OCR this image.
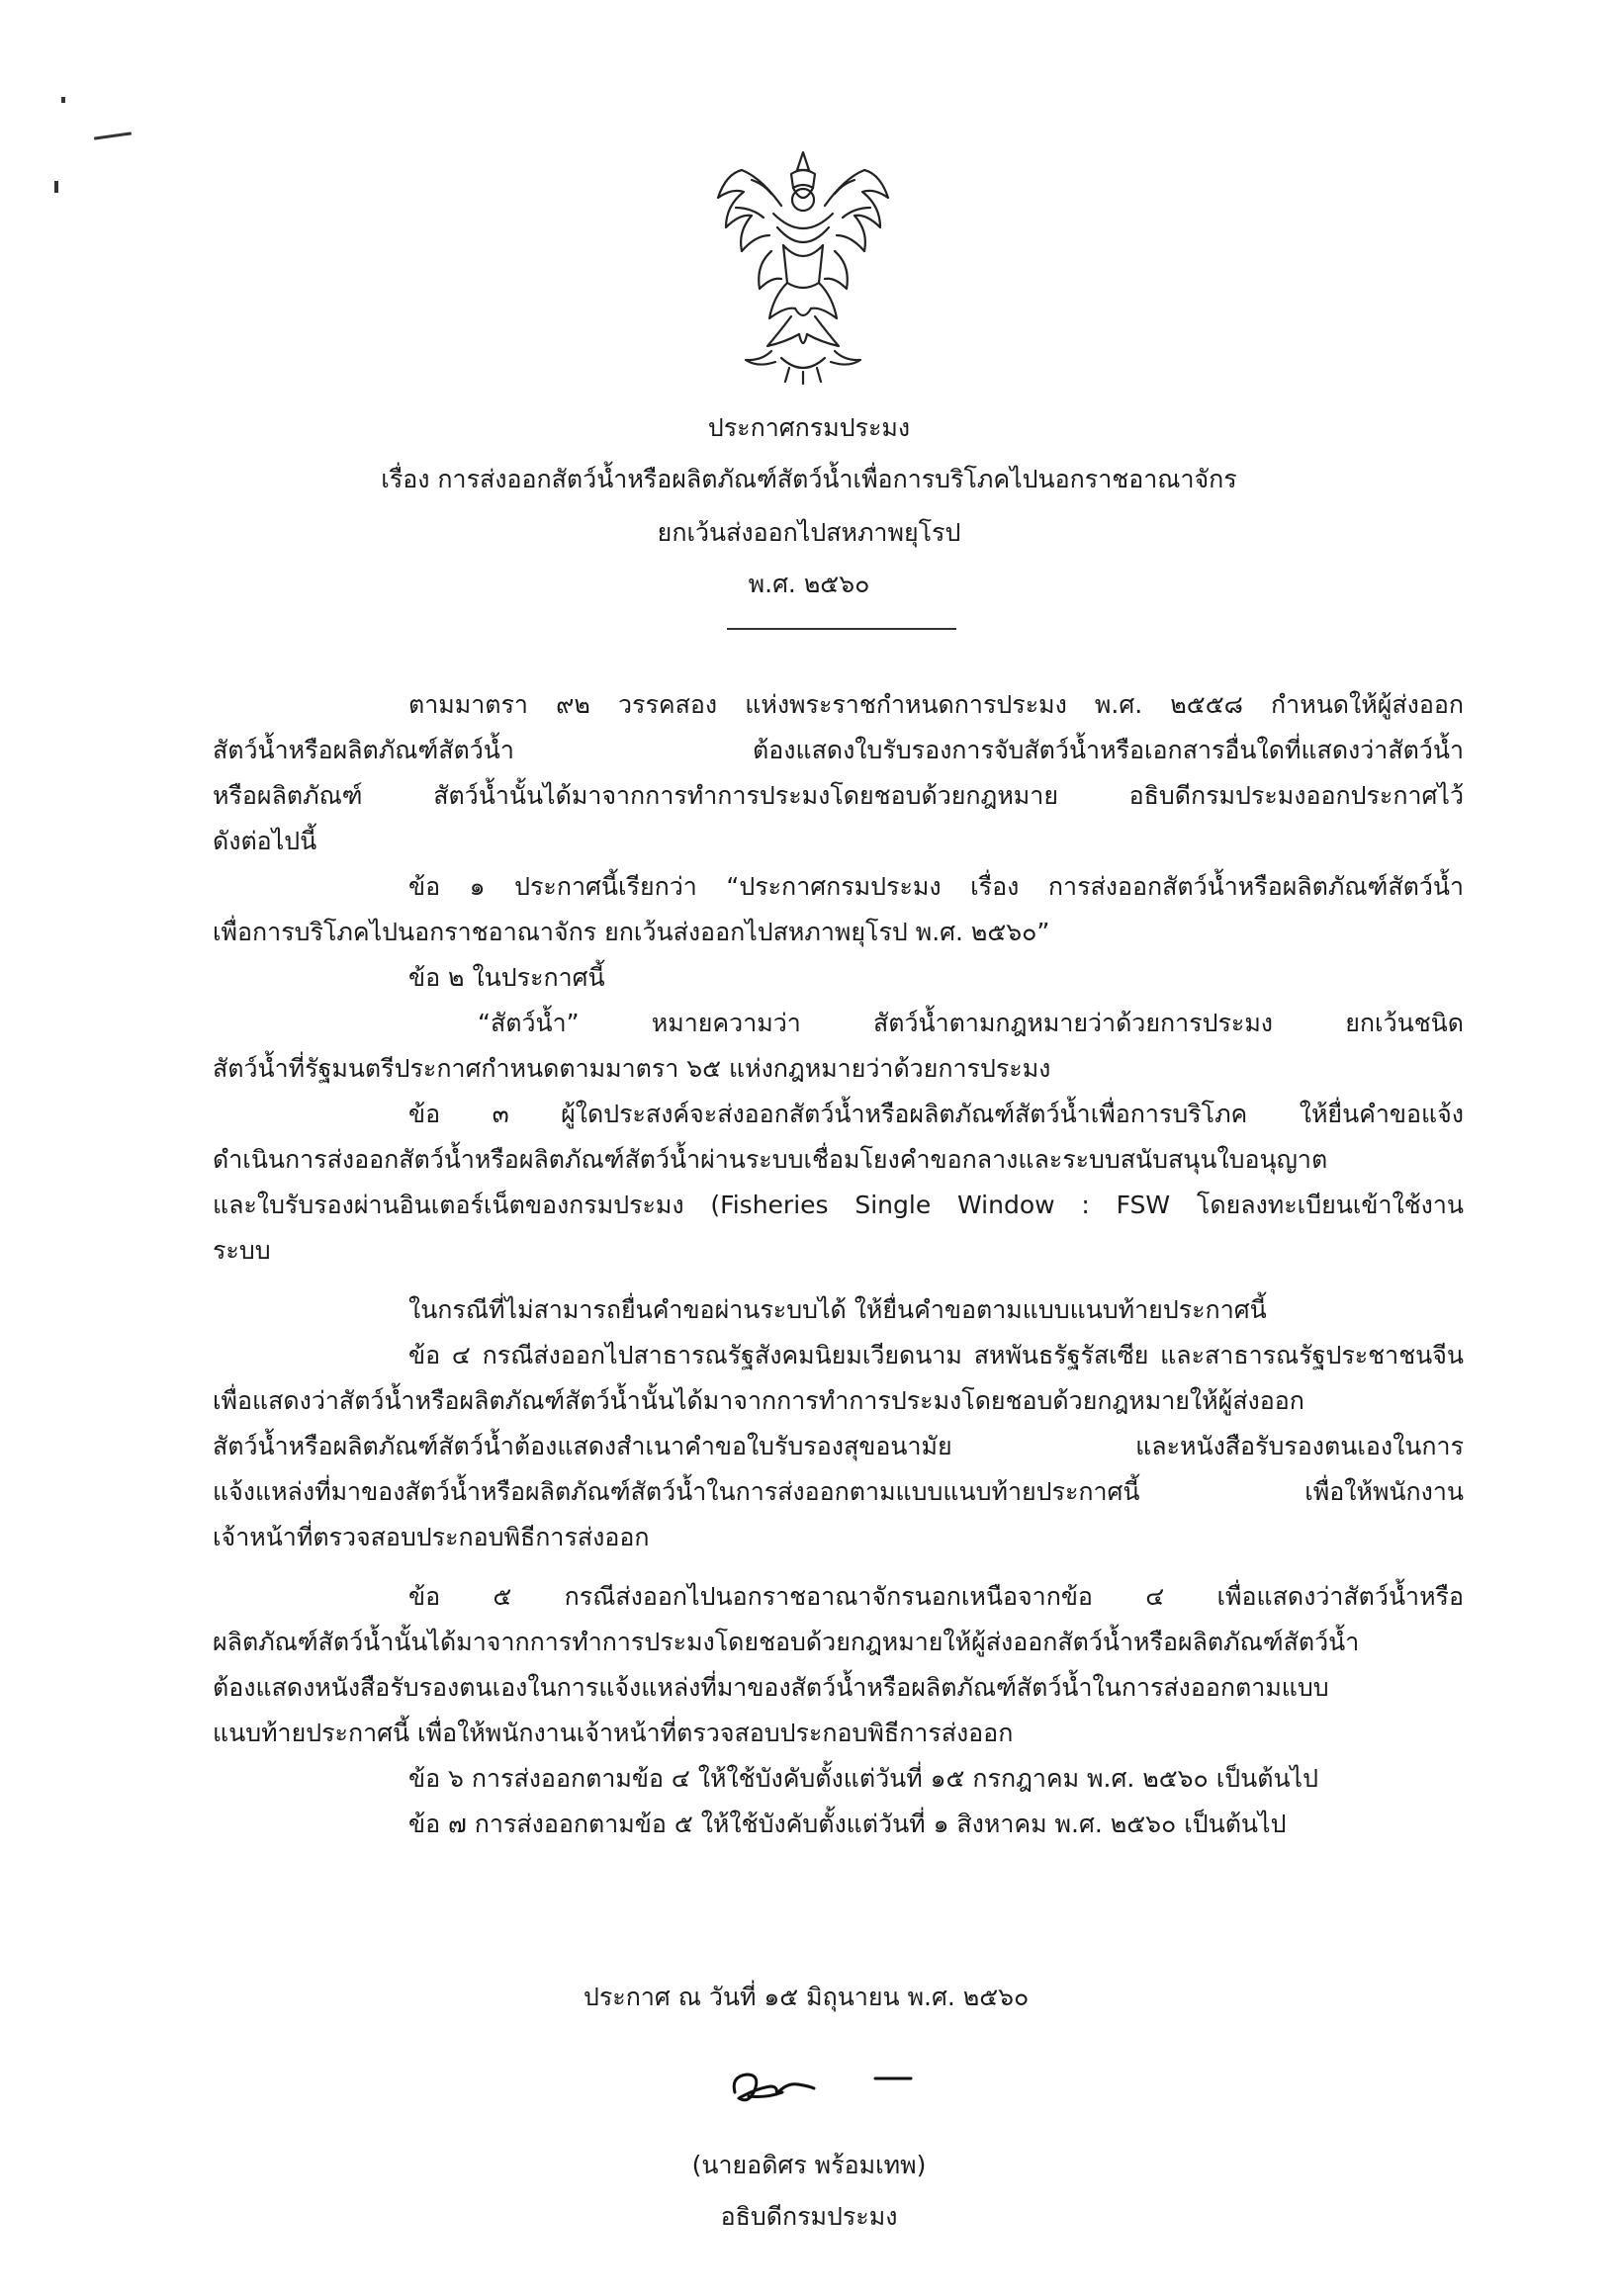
ประกาศกรมประมง
เรื่อง การส่งออกสัตว์น้ำหรือผลิตภัณฑ์สัตว์น้ำเพื่อการบริโภคไปนอกราชอาณาจักร
ยกเว้นส่งออกไปสหภาพยุโรป
พ.ศ. ๒๕๖๐

ตามมาตรา ๙๒ วรรคสอง แห่งพระราชกำหนดการประมง พ.ศ. ๒๕๕๘ กำหนดให้ผู้ส่งออก

สัตว์น้ำหรือผลิตภัณฑ์สัตว์น้ำ ต้องแสดงใบรับรองการจับสัตว์น้ำหรือเอกสารอื่นใดที่แสดงว่าสัตว์น้ำ

หรือผลิตภัณฑ์ สัตว์น้ำนั้นได้มาจากการทำการประมงโดยชอบด้วยกฎหมาย อธิบดีกรมประมงออกประกาศไว้

ดังต่อไปนี้

ข้อ ๑ ประกาศนี้เรียกว่า “ประกาศกรมประมง เรื่อง การส่งออกสัตว์น้ำหรือผลิตภัณฑ์สัตว์น้ำ

เพื่อการบริโภคไปนอกราชอาณาจักร ยกเว้นส่งออกไปสหภาพยุโรป พ.ศ. ๒๕๖๐”

ข้อ ๒ ในประกาศนี้

“สัตว์น้ำ” หมายความว่า สัตว์น้ำตามกฎหมายว่าด้วยการประมง ยกเว้นชนิด

สัตว์น้ำที่รัฐมนตรีประกาศกำหนดตามมาตรา ๖๕ แห่งกฎหมายว่าด้วยการประมง

ข้อ ๓ ผู้ใดประสงค์จะส่งออกสัตว์น้ำหรือผลิตภัณฑ์สัตว์น้ำเพื่อการบริโภค ให้ยื่นคำขอแจ้ง

ดำเนินการส่งออกสัตว์น้ำหรือผลิตภัณฑ์สัตว์น้ำผ่านระบบเชื่อมโยงคำขอกลางและระบบสนับสนุนใบอนุญาต

และใบรับรองผ่านอินเตอร์เน็ตของกรมประมง (Fisheries Single Window : FSW โดยลงทะเบียนเข้าใช้งาน

ระบบ

ในกรณีที่ไม่สามารถยื่นคำขอผ่านระบบได้ ให้ยื่นคำขอตามแบบแนบท้ายประกาศนี้

ข้อ ๔ กรณีส่งออกไปสาธารณรัฐสังคมนิยมเวียดนาม สหพันธรัฐรัสเซีย และสาธารณรัฐประชาชนจีน

เพื่อแสดงว่าสัตว์น้ำหรือผลิตภัณฑ์สัตว์น้ำนั้นได้มาจากการทำการประมงโดยชอบด้วยกฎหมายให้ผู้ส่งออก

สัตว์น้ำหรือผลิตภัณฑ์สัตว์น้ำต้องแสดงสำเนาคำขอใบรับรองสุขอนามัย และหนังสือรับรองตนเองในการ

แจ้งแหล่งที่มาของสัตว์น้ำหรือผลิตภัณฑ์สัตว์น้ำในการส่งออกตามแบบแนบท้ายประกาศนี้ เพื่อให้พนักงาน

เจ้าหน้าที่ตรวจสอบประกอบพิธีการส่งออก

ข้อ ๕ กรณีส่งออกไปนอกราชอาณาจักรนอกเหนือจากข้อ ๔ เพื่อแสดงว่าสัตว์น้ำหรือ

ผลิตภัณฑ์สัตว์น้ำนั้นได้มาจากการทำการประมงโดยชอบด้วยกฎหมายให้ผู้ส่งออกสัตว์น้ำหรือผลิตภัณฑ์สัตว์น้ำ

ต้องแสดงหนังสือรับรองตนเองในการแจ้งแหล่งที่มาของสัตว์น้ำหรือผลิตภัณฑ์สัตว์น้ำในการส่งออกตามแบบ

แนบท้ายประกาศนี้ เพื่อให้พนักงานเจ้าหน้าที่ตรวจสอบประกอบพิธีการส่งออก

ข้อ ๖ การส่งออกตามข้อ ๔ ให้ใช้บังคับตั้งแต่วันที่ ๑๕ กรกฎาคม พ.ศ. ๒๕๖๐ เป็นต้นไป

ข้อ ๗ การส่งออกตามข้อ ๕ ให้ใช้บังคับตั้งแต่วันที่ ๑ สิงหาคม พ.ศ. ๒๕๖๐ เป็นต้นไป

ประกาศ ณ วันที่ ๑๕ มิถุนายน พ.ศ. ๒๕๖๐
(นายอดิศร พร้อมเทพ)
อธิบดีกรมประมง
